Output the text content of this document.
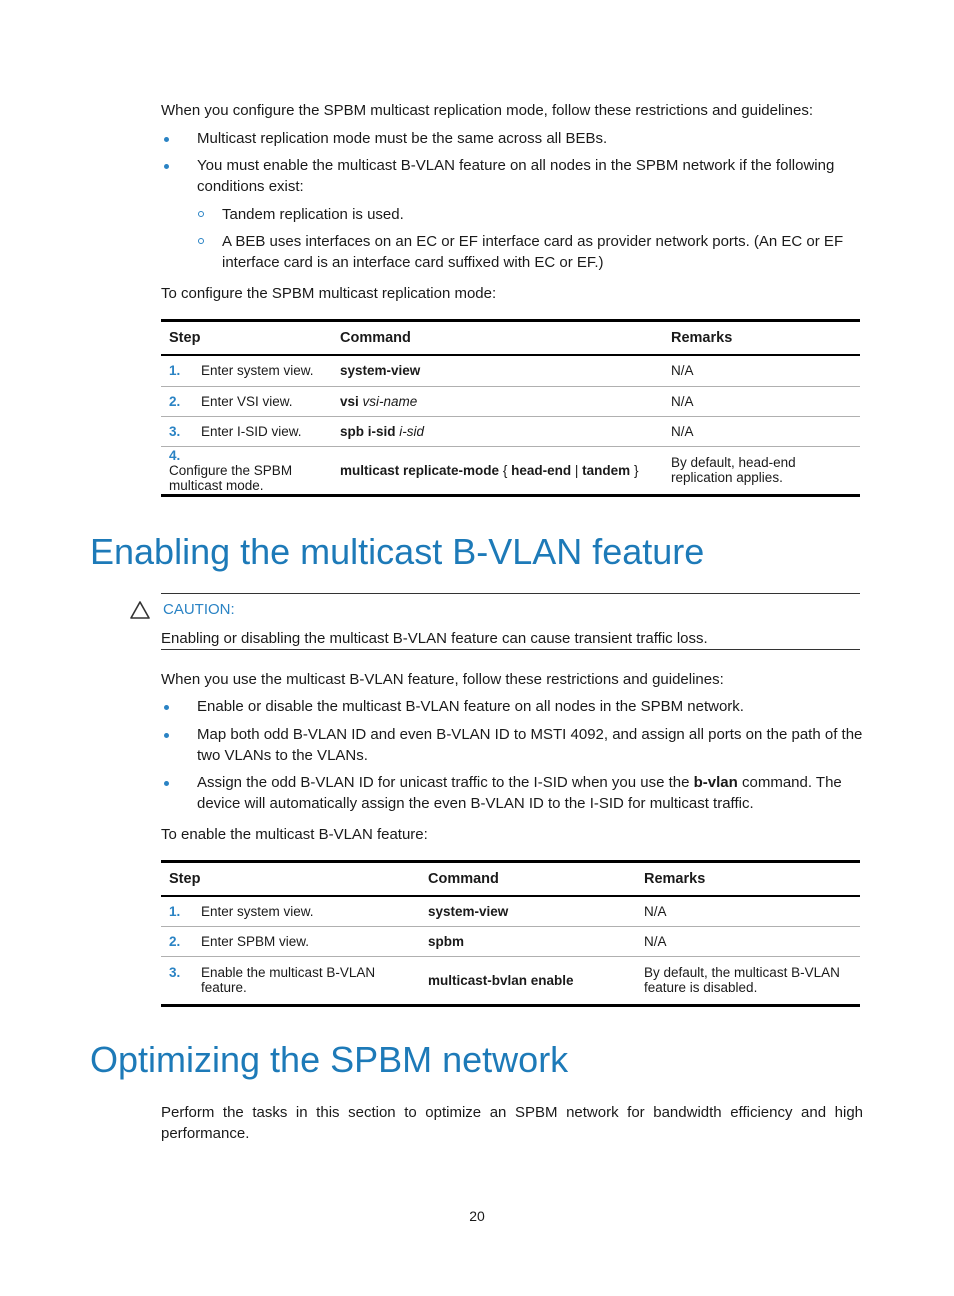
When you configure the SPBM multicast replication mode, follow these restrictions and guidelines:
Multicast replication mode must be the same across all BEBs.
You must enable the multicast B-VLAN feature on all nodes in the SPBM network if the following conditions exist:
Tandem replication is used.
A BEB uses interfaces on an EC or EF interface card as provider network ports. (An EC or EF interface card is an interface card suffixed with EC or EF.)
To configure the SPBM multicast replication mode:
Step	Command	Remarks
1. Enter system view.	system-view	N/A
2. Enter VSI view.	vsi vsi-name	N/A
3. Enter I-SID view.	spb i-sid i-sid	N/A
4.Configure the SPBM multicast mode.	multicast replicate-mode { head-end | tandem }	By default, head-end replication applies.
Enabling the multicast B-VLAN feature
CAUTION:
Enabling or disabling the multicast B-VLAN feature can cause transient traffic loss.
When you use the multicast B-VLAN feature, follow these restrictions and guidelines:
Enable or disable the multicast B-VLAN feature on all nodes in the SPBM network.
Map both odd B-VLAN ID and even B-VLAN ID to MSTI 4092, and assign all ports on the path of the two VLANs to the VLANs.
Assign the odd B-VLAN ID for unicast traffic to the I-SID when you use the b-vlan command. The device will automatically assign the even B-VLAN ID to the I-SID for multicast traffic.
To enable the multicast B-VLAN feature:
Step	Command	Remarks
1. Enter system view.	system-view	N/A
2. Enter SPBM view.	spbm	N/A
3. Enable the multicast B-VLAN feature.	multicast-bvlan enable	By default, the multicast B-VLAN feature is disabled.
Optimizing the SPBM network
Perform the tasks in this section to optimize an SPBM network for bandwidth efficiency and high performance.
20
